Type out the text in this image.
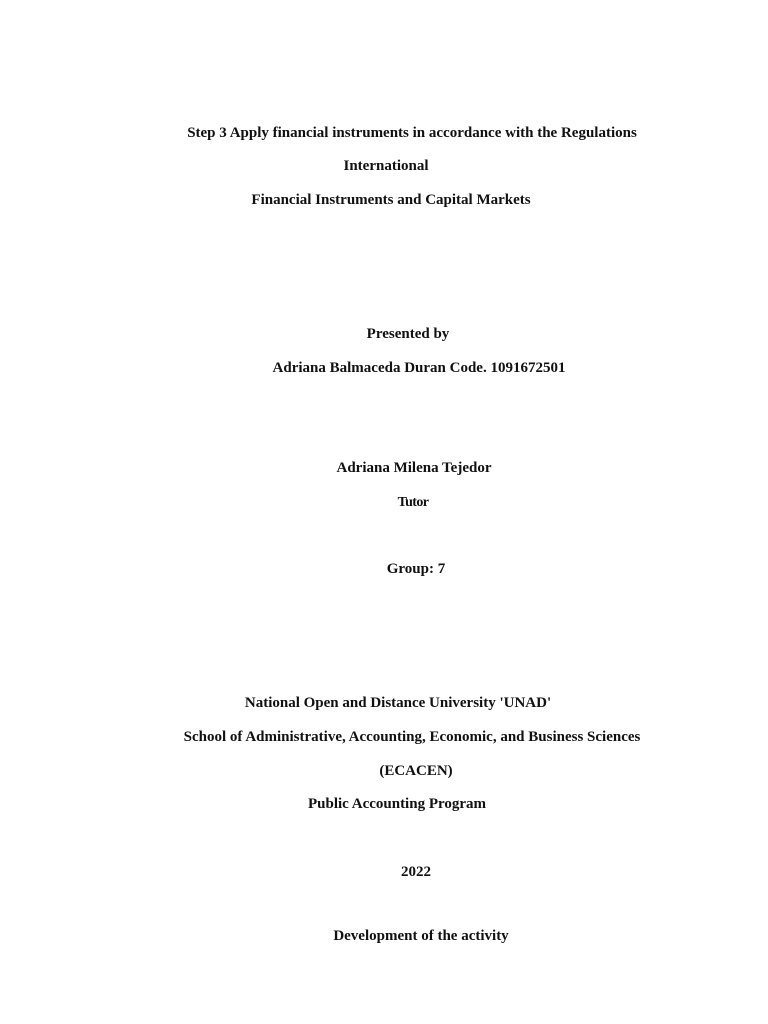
Step 3 Apply financial instruments in accordance with the Regulations
International
Financial Instruments and Capital Markets
Presented by
Adriana Balmaceda Duran Code. 1091672501
Adriana Milena Tejedor
Tutor
Group: 7
National Open and Distance University 'UNAD'
School of Administrative, Accounting, Economic, and Business Sciences
(ECACEN)
Public Accounting Program
2022
Development of the activity
